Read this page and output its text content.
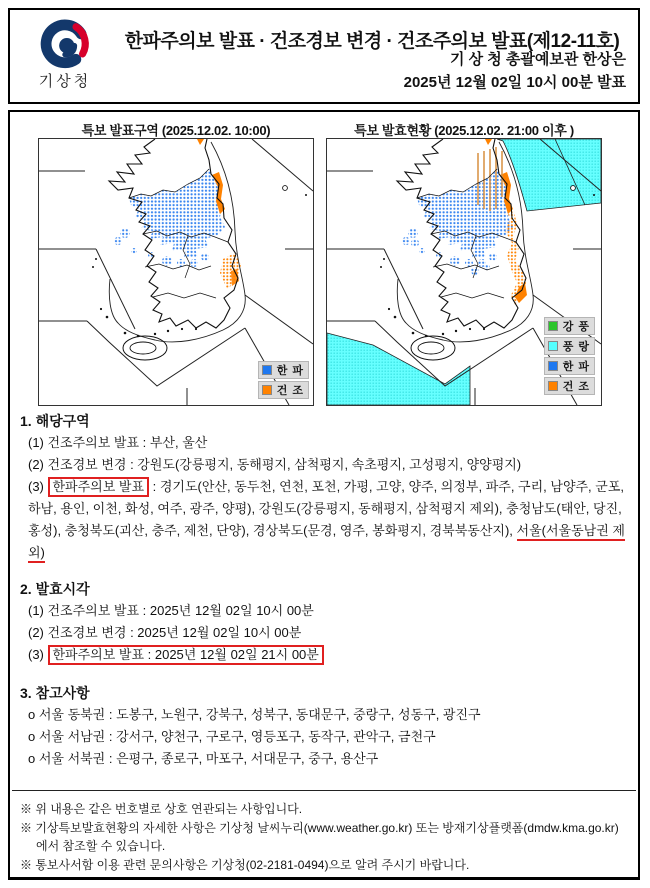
기상청
한파주의보 발표 · 건조경보 변경 · 건조주의보 발표(제12-11호)
기 상 청 총괄예보관 한상은
2025년 12월 02일 10시 00분 발표
특보 발표구역 (2025.12.02. 10:00)
한 파
건 조
특보 발효현황 (2025.12.02. 21:00 이후 )
강 풍
풍 랑
한 파
건 조
1. 해당구역
(1) 건조주의보 발표 : 부산, 울산
(2) 건조경보 변경 : 강원도(강릉평지, 동해평지, 삼척평지, 속초평지, 고성평지, 양양평지)
(3) 한파주의보 발표 : 경기도(안산, 동두천, 연천, 포천, 가평, 고양, 양주, 의정부, 파주, 구리, 남양주, 군포, 하남, 용인, 이천, 화성, 여주, 광주, 양평), 강원도(강릉평지, 동해평지, 삼척평지 제외), 충청남도(태안, 당진, 홍성), 충청북도(괴산, 충주, 제천, 단양), 경상북도(문경, 영주, 봉화평지, 경북북동산지), 서울(서울동남권 제외)
2. 발효시각
(1) 건조주의보 발표 : 2025년 12월 02일 10시 00분
(2) 건조경보 변경 : 2025년 12월 02일 10시 00분
(3) 한파주의보 발표 : 2025년 12월 02일 21시 00분
3. 참고사항
o 서울 동북권 : 도봉구, 노원구, 강북구, 성북구, 동대문구, 중랑구, 성동구, 광진구
o 서울 서남권 : 강서구, 양천구, 구로구, 영등포구, 동작구, 관악구, 금천구
o 서울 서북권 : 은평구, 종로구, 마포구, 서대문구, 중구, 용산구
※ 위 내용은 같은 번호별로 상호 연관되는 사항입니다.
※ 기상특보발효현황의 자세한 사항은 기상청 날씨누리(www.weather.go.kr) 또는 방재기상플랫폼(dmdw.kma.go.kr)에서 참조할 수 있습니다.
※ 통보사서함 이용 관련 문의사항은 기상청(02-2181-0494)으로 알려 주시기 바랍니다.
